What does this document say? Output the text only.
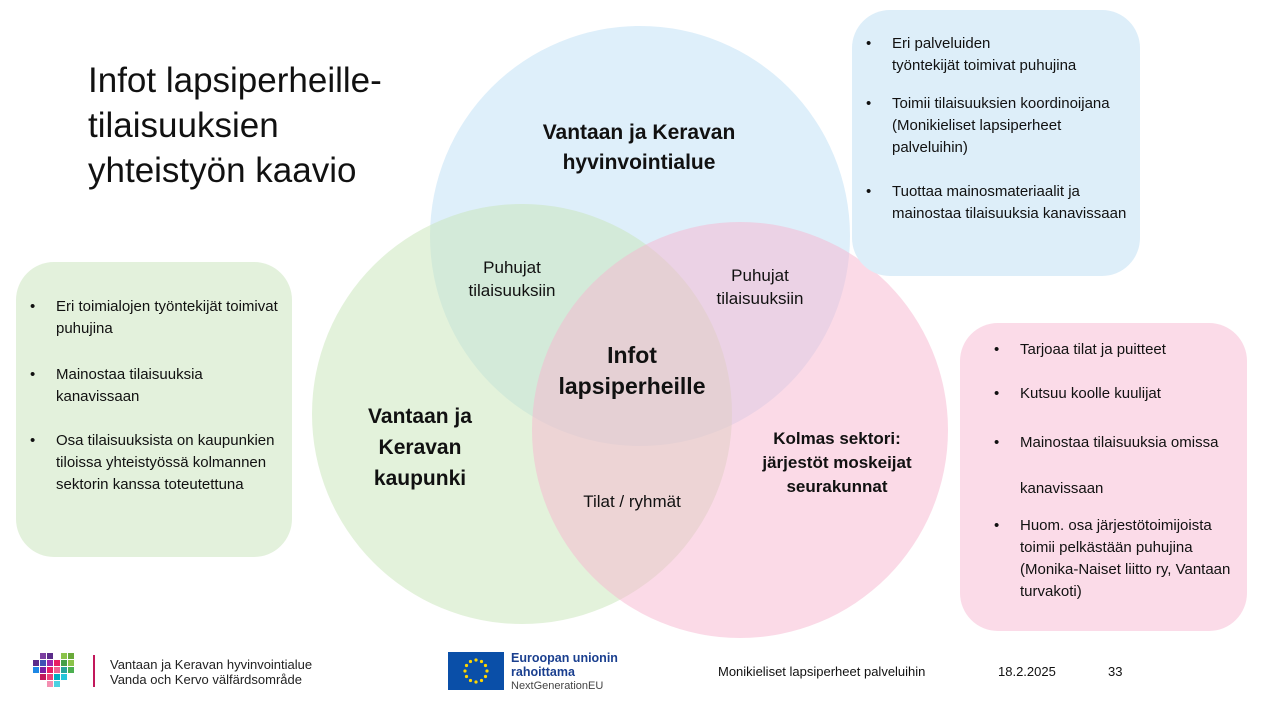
Infot lapsiperheille-tilaisuuksien yhteistyön kaavio
Vantaan ja Keravan hyvinvointialue
Vantaan ja Keravan kaupunki
Kolmas sektori: järjestöt moskeijat seurakunnat
Infot lapsiperheille
Puhujat tilaisuuksiin
Puhujat tilaisuuksiin
Tilat / ryhmät
• Eri palveluiden
työntekijät toimivat puhujina
• Toimii tilaisuuksien koordinoijana (Monikieliset lapsiperheet palveluihin)
• Tuottaa mainosmateriaalit ja mainostaa tilaisuuksia kanavissaan
• Eri toimialojen työntekijät toimivat puhujina
• Mainostaa tilaisuuksia kanavissaan
• Osa tilaisuuksista on kaupunkien tiloissa yhteistyössä kolmannen sektorin kanssa toteutettuna
• Tarjoaa tilat ja puitteet
• Kutsuu koolle kuulijat
• Mainostaa tilaisuuksia omissa
kanavissaan
• Huom. osa järjestötoimijoista toimii pelkästään puhujina (Monika-Naiset liitto ry, Vantaan turvakoti)
Vantaan ja Keravan hyvinvointialue
Vanda och Kervo välfärdsområde
Euroopan unionin
rahoittama
NextGenerationEU
Monikieliset lapsiperheet palveluihin	18.2.2025	33
